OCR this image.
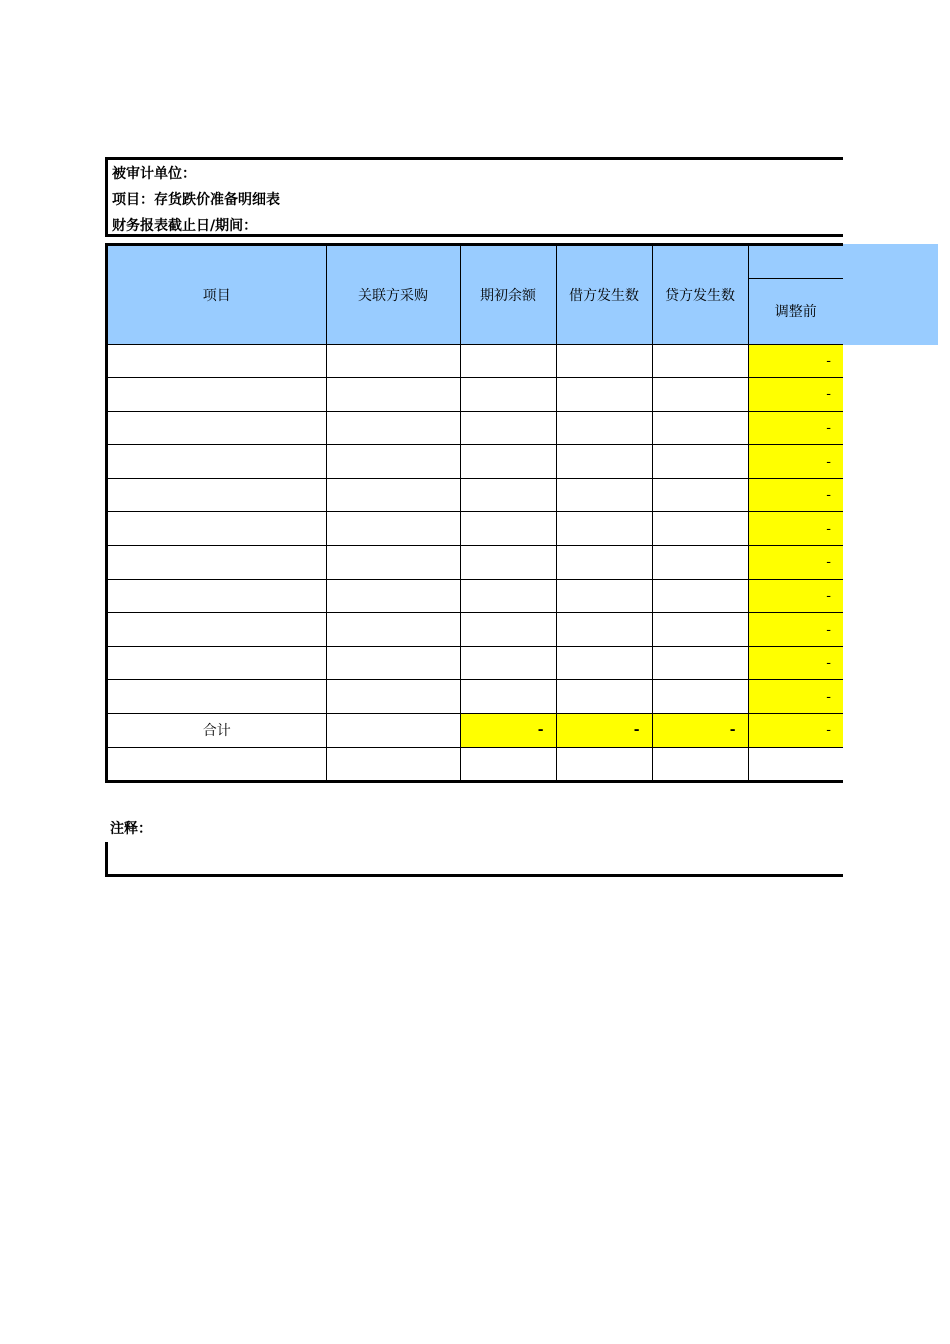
被审计单位：
项目：存货跌价准备明细表
财务报表截止日/期间：
项目	关联方采购	期初余额	借方发生数	贷方发生数	
					调整前
					-
					-
					-
					-
					-
					-
					-
					-
					-
					-
					-
合计		-	-	-	-

注释：
